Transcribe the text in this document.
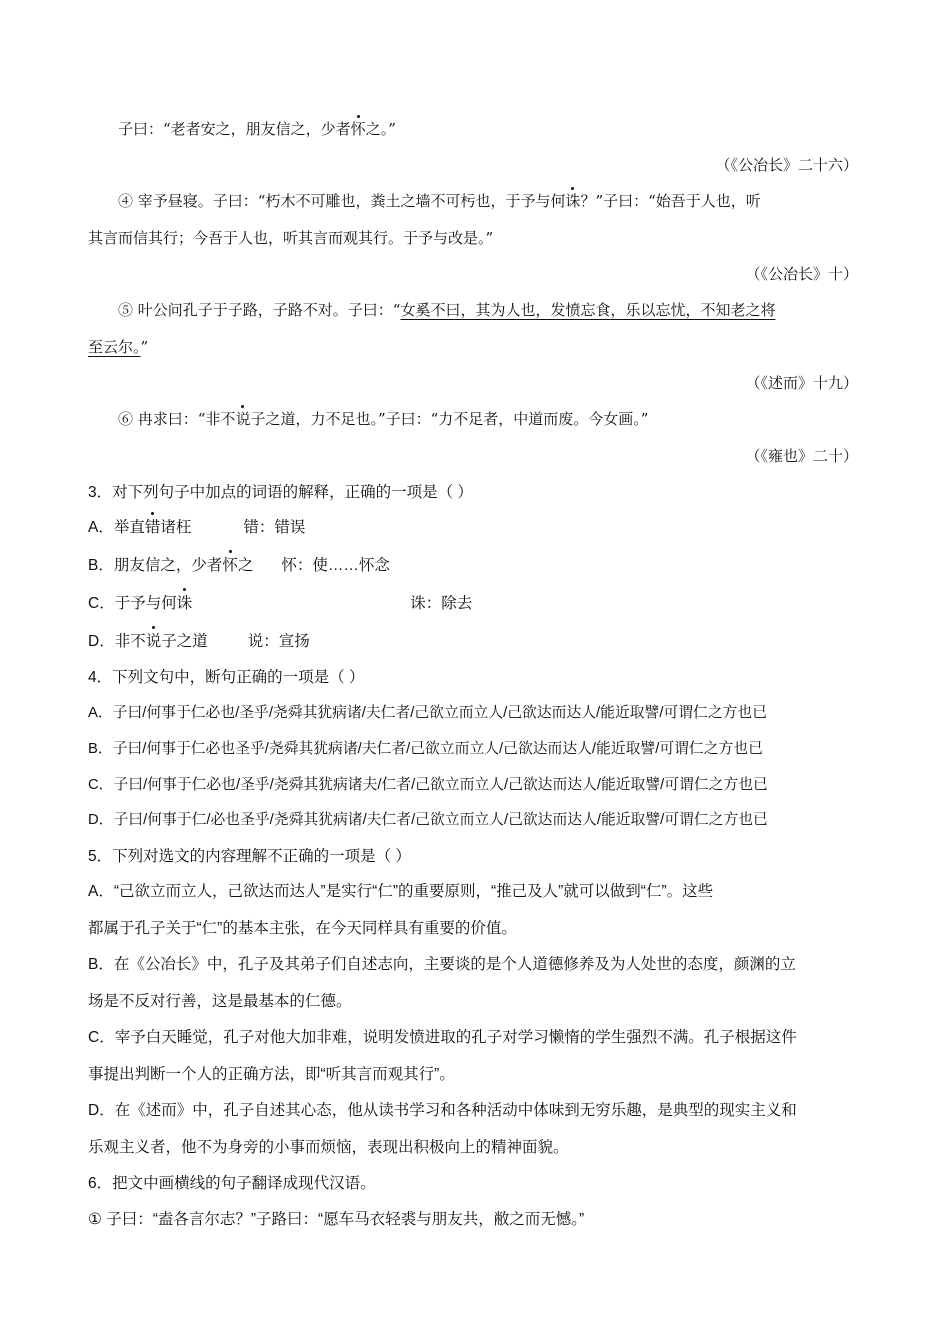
子曰：“老者安之，朋友信之，少者怀之。”
（《公冶长》二十六）
④ 宰予昼寝。子曰：“朽木不可雕也，粪土之墙不可杇也，于予与何诛？”子曰：“始吾于人也，听
其言而信其行；今吾于人也，听其言而观其行。于予与改是。”
（《公冶长》十）
⑤ 叶公问孔子于子路，子路不对。子曰：“女奚不曰，其为人也，发愤忘食，乐以忘忧，不知老之将
至云尔。”
（《述而》十九）
⑥ 冉求曰：“非不说子之道，力不足也。”子曰：“力不足者，中道而废。今女画。”
（《雍也》二十）
3．对下列句子中加点的词语的解释，正确的一项是（ ）
A．举直错诸枉	错：错误
B．朋友信之，少者怀之 怀：使……怀念
C．于予与何诛	诛：除去
D．非不说子之道	说：宣扬
4．下列文句中，断句正确的一项是（ ）
A．子曰/何事于仁必也/圣乎/尧舜其犹病诸/夫仁者/己欲立而立人/己欲达而达人/能近取譬/可谓仁之方也已
B．子曰/何事于仁必也圣乎/尧舜其犹病诸/夫仁者/己欲立而立人/己欲达而达人/能近取譬/可谓仁之方也已
C．子曰/何事于仁必也/圣乎/尧舜其犹病诸夫/仁者/己欲立而立人/己欲达而达人/能近取譬/可谓仁之方也已
D．子曰/何事于仁/必也圣乎/尧舜其犹病诸/夫仁者/己欲立而立人/己欲达而达人/能近取譬/可谓仁之方也已
5．下列对选文的内容理解不正确的一项是（ ）
A．“己欲立而立人，己欲达而达人”是实行“仁”的重要原则，“推己及人”就可以做到“仁”。这些
都属于孔子关于“仁”的基本主张，在今天同样具有重要的价值。
B．在《公冶长》中，孔子及其弟子们自述志向，主要谈的是个人道德修养及为人处世的态度，颜渊的立
场是不反对行善，这是最基本的仁德。
C．宰予白天睡觉，孔子对他大加非难，说明发愤进取的孔子对学习懒惰的学生强烈不满。孔子根据这件
事提出判断一个人的正确方法，即“听其言而观其行”。
D．在《述而》中，孔子自述其心态，他从读书学习和各种活动中体味到无穷乐趣，是典型的现实主义和
乐观主义者，他不为身旁的小事而烦恼，表现出积极向上的精神面貌。
6．把文中画横线的句子翻译成现代汉语。
① 子曰：“盍各言尔志？”子路曰：“愿车马衣轻裘与朋友共，敝之而无憾。”
